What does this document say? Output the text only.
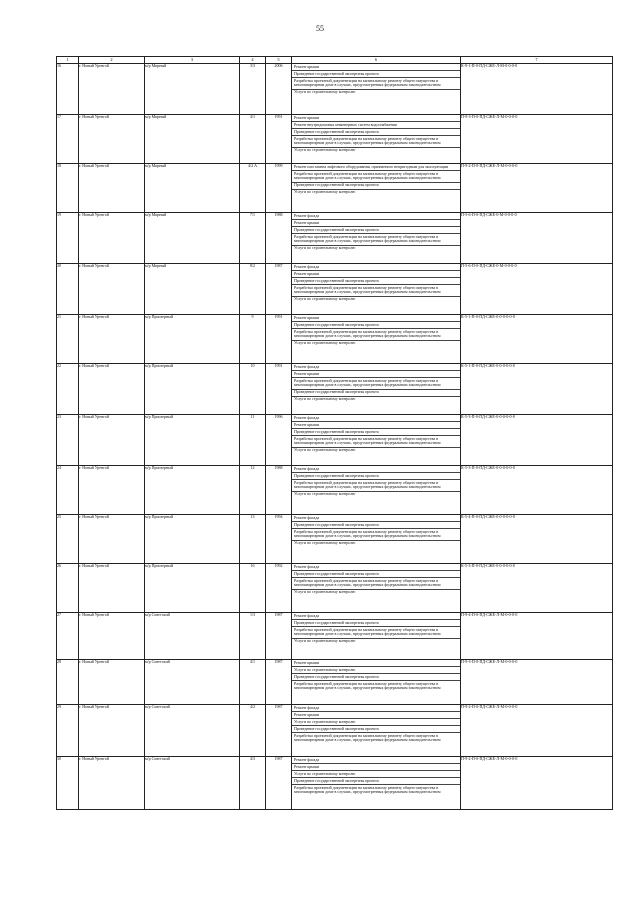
55
1	2	3	4	5	6	7
16	г. Новый Уренгой	м/р Мирный	3/3	2006	Ремонт крыши
Проведение государственной экспертизы проекта
Разработка проектной документации на капитальному ремонту общего имущества в многоквартирном доме в случаях, предусмотренных федеральным законодательством
Услуги по строительному контролю	К-9-1-П-0-ПД-СЖЕ-Л-М-0-0-0-0
17	г. Новый Уренгой	м/р Мирный	4/1	1991	Ремонт крыши
Ремонт внутридомовых инженерных систем водоснабжения
Проведение государственной экспертизы проекта
Разработка проектной документации на капитальному ремонту общего имущества в многоквартирном доме в случаях, предусмотренных федеральным законодательством
Услуги по строительному контролю	П-9-3-П-0-ПД-СЖЕ-Л-М-0-0-0-0
18	г. Новый Уренгой	м/р Мирный	4/2 А	1999	Ремонт или замена лифтового оборудования, признанного непригодным для эксплуатации
Разработка проектной документации на капитальному ремонту общего имущества в многоквартирном доме в случаях, предусмотренных федеральным законодательством
Проведение государственной экспертизы проекта
Услуги по строительному контролю	П-9-2-П-0-ПД-СЖЕ-Л-М-0-0-0-0
19	г. Новый Уренгой	м/р Мирный	7/1	1988	Ремонт фасада
Ремонт крыши
Проведение государственной экспертизы проекта
Разработка проектной документации на капитальному ремонту общего имущества в многоквартирном доме в случаях, предусмотренных федеральным законодательством
Услуги по строительному контролю	П-5-6-П-0-ПД-СЖЕ-0-М-0-0-0-0
20	г. Новый Уренгой	м/р Мирный	8/2	1987	Ремонт фасада
Ремонт крыши
Проведение государственной экспертизы проекта
Разработка проектной документации на капитальному ремонту общего имущества в многоквартирном доме в случаях, предусмотренных федеральным законодательством
Услуги по строительному контролю	П-5-6-П-0-ПД-СЖЕ-0-М-0-0-0-0
21	г. Новый Уренгой	м/р Приозерный	9	1991	Ремонт крыши
Проведение государственной экспертизы проекта
Разработка проектной документации на капитальному ремонту общего имущества в многоквартирном доме в случаях, предусмотренных федеральным законодательством
Услуги по строительному контролю	К-5-1-П-0-ПД-СЖЕ-0-0-0-0-0-0
22	г. Новый Уренгой	м/р Приозерный	10	1991	Ремонт фасада
Ремонт крыши
Разработка проектной документации на капитальному ремонту общего имущества в многоквартирном доме в случаях, предусмотренных федеральным законодательством
Проведение государственной экспертизы проекта
Услуги по строительному контролю	К-5-1-П-0-ПД-СЖЕ-0-0-0-0-0-0
23	г. Новый Уренгой	м/р Приозерный	11	1996	Ремонт фасада
Ремонт крыши
Проведение государственной экспертизы проекта
Разработка проектной документации на капитальному ремонту общего имущества в многоквартирном доме в случаях, предусмотренных федеральным законодательством
Услуги по строительному контролю	К-5-3-П-0-ПД-СЖЕ-0-0-0-0-0-0
24	г. Новый Уренгой	м/р Приозерный	12	1988	Ремонт фасада
Проведение государственной экспертизы проекта
Разработка проектной документации на капитальному ремонту общего имущества в многоквартирном доме в случаях, предусмотренных федеральным законодательством
Услуги по строительному контролю	К-5-3-П-0-ПД-СЖЕ-0-0-0-0-0-0
25	г. Новый Уренгой	м/р Приозерный	13	1994	Ремонт фасада
Проведение государственной экспертизы проекта
Разработка проектной документации на капитальному ремонту общего имущества в многоквартирном доме в случаях, предусмотренных федеральным законодательством
Услуги по строительному контролю	К-5-4-П-0-ПД-СЖЕ-0-0-0-0-0-0
26	г. Новый Уренгой	м/р Приозерный	16	1992	Ремонт фасада
Проведение государственной экспертизы проекта
Разработка проектной документации на капитальному ремонту общего имущества в многоквартирном доме в случаях, предусмотренных федеральным законодательством
Услуги по строительному контролю	К-5-3-П-0-ПД-СЖЕ-0-0-0-0-0-0
27	г. Новый Уренгой	м/р Советский	1/3	1987	Ремонт фасада
Проведение государственной экспертизы проекта
Разработка проектной документации на капитальному ремонту общего имущества в многоквартирном доме в случаях, предусмотренных федеральным законодательством
Услуги по строительному контролю	П-9-4-П-0-ПД-СЖЕ-Л-М-0-0-0-0
28	г. Новый Уренгой	м/р Советский	4/1	1987	Ремонт крыши
Услуги по строительному контролю
Проведение государственной экспертизы проекта
Разработка проектной документации на капитальному ремонту общего имущества в многоквартирном доме в случаях, предусмотренных федеральным законодательством	П-9-3-П-0-ПД-СЖЕ-Л-М-0-0-0-0
29	г. Новый Уренгой	м/р Советский	4/2	1987	Ремонт фасада
Ремонт крыши
Услуги по строительному контролю
Проведение государственной экспертизы проекта
Разработка проектной документации на капитальному ремонту общего имущества в многоквартирном доме в случаях, предусмотренных федеральным законодательством	П-9-2-П-0-ПД-СЖЕ-Л-М-0-0-0-0
30	г. Новый Уренгой	м/р Советский	4/3	1987	Ремонт фасада
Ремонт крыши
Услуги по строительному контролю
Проведение государственной экспертизы проекта
Разработка проектной документации на капитальному ремонту общего имущества в многоквартирном доме в случаях, предусмотренных федеральным законодательством	П-9-2-П-0-ПД-СЖЕ-Л-М-0-0-0-0
